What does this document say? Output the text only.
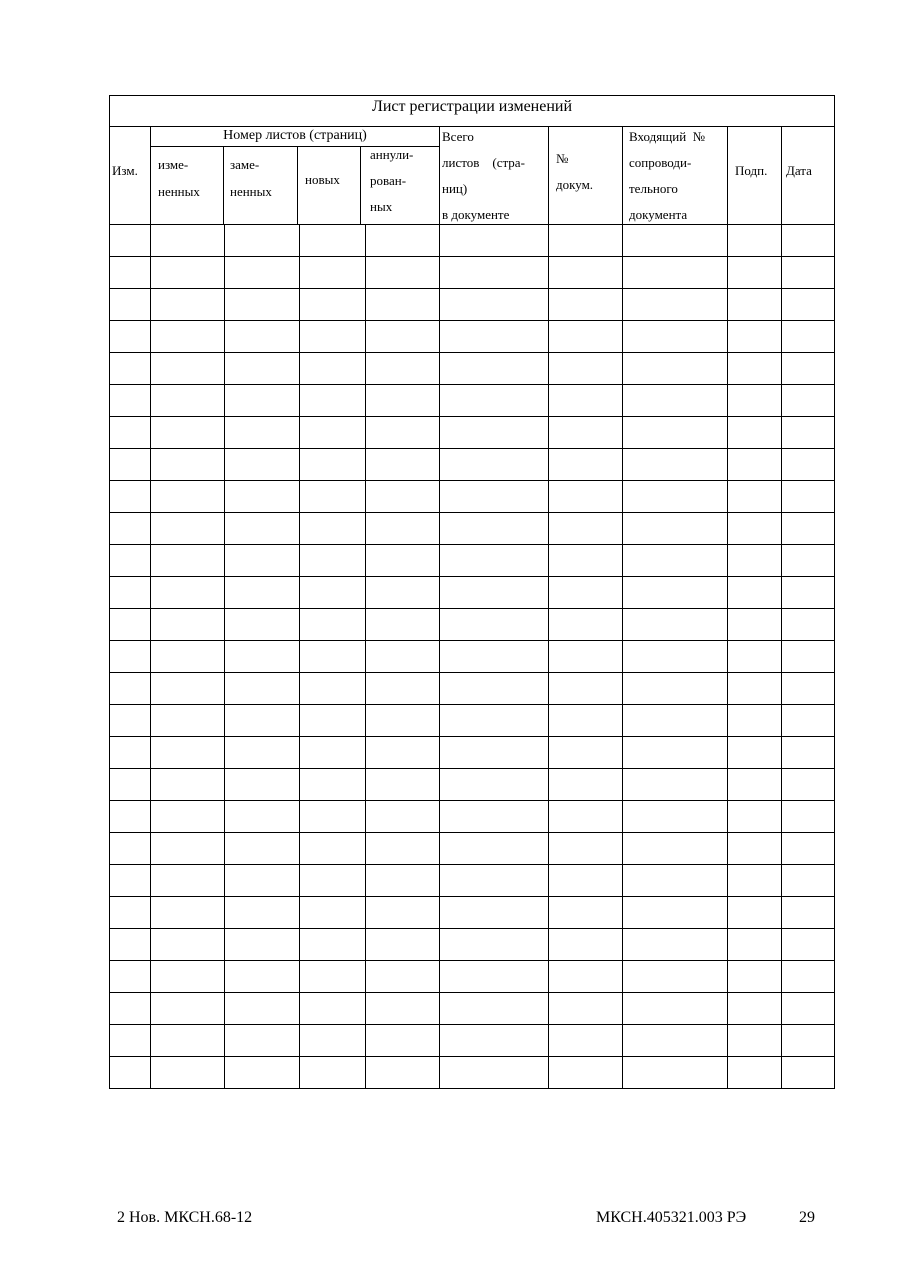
Лист регистрации изменений
Изм.
Номер листов (страниц)
изме-
ненных
заме-
ненных
новых
аннули-
рован-
ных
Всего
листов    (стра-
ниц)
в документе
№
докум.
Входящий  №
сопроводи-
тельного
документа
Подп. Дата
2 Нов. МКСН.68-12	МКСН.405321.003 РЭ	29
